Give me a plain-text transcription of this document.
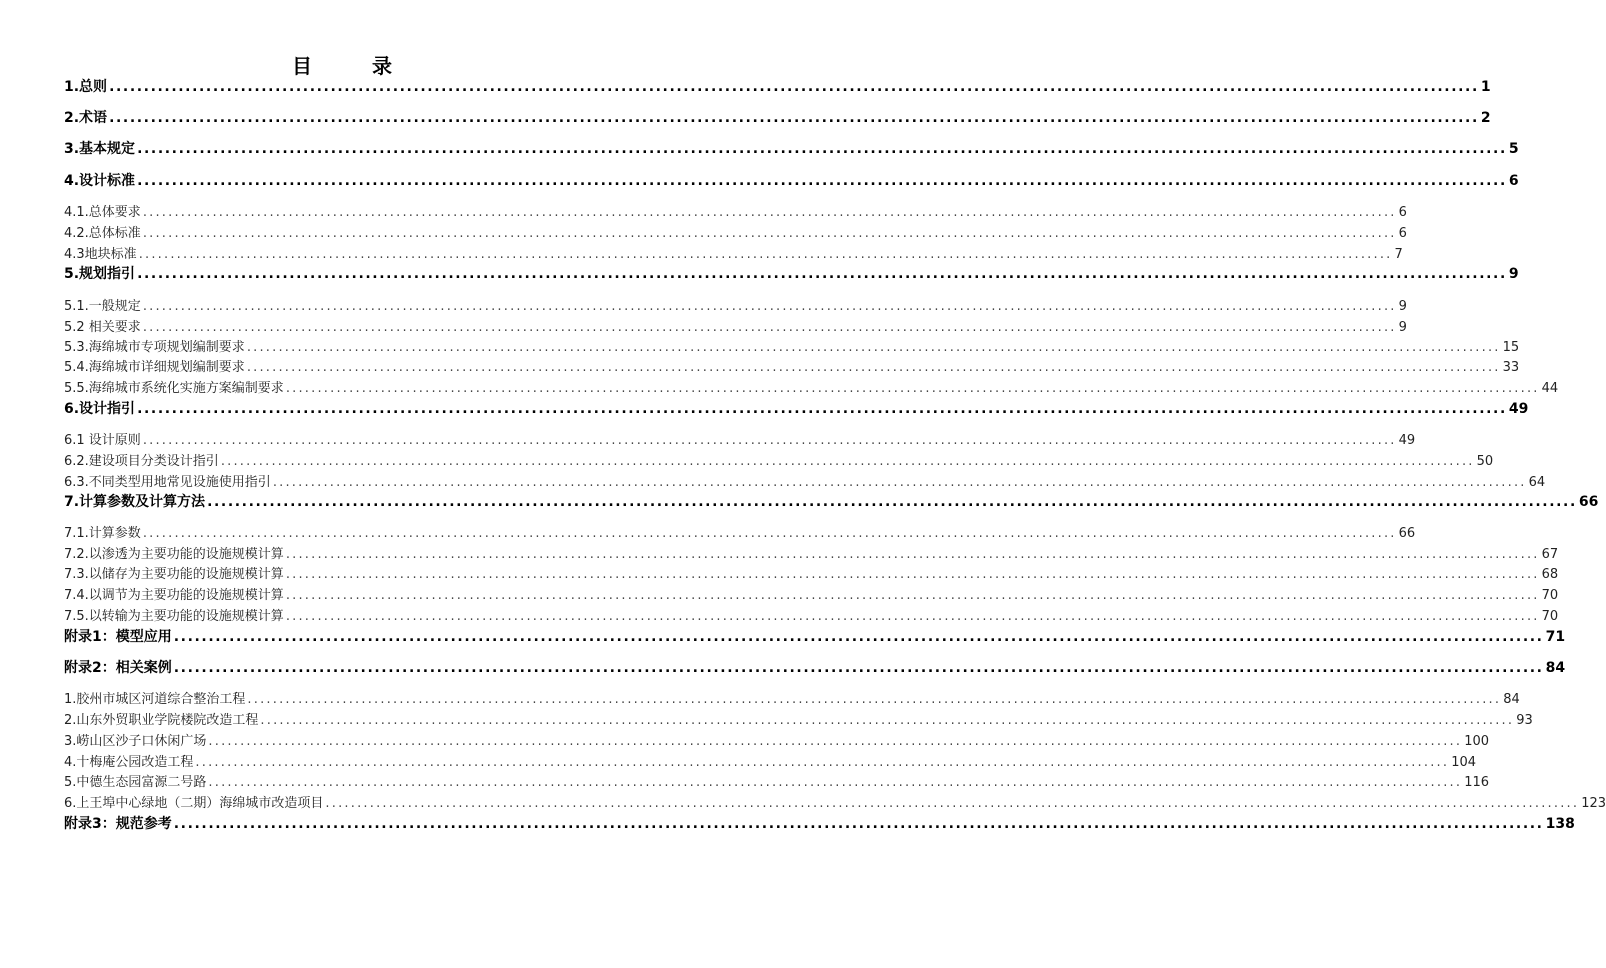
目　录
1.总则 ...................................................................................................................................................................................................... 1
2.术语 ...................................................................................................................................................................................................... 2
3.基本规定 ...................................................................................................................................................................................................... 5
4.设计标准 ...................................................................................................................................................................................................... 6
4.1.总体要求 ...................................................................................................................................................................................................... 6
4.2.总体标准 ...................................................................................................................................................................................................... 6
4.3地块标准 ...................................................................................................................................................................................................... 7
5.规划指引 ...................................................................................................................................................................................................... 9
5.1.一般规定 ...................................................................................................................................................................................................... 9
5.2 相关要求 ...................................................................................................................................................................................................... 9
5.3.海绵城市专项规划编制要求 ...................................................................................................................................................................................................... 15
5.4.海绵城市详细规划编制要求 ...................................................................................................................................................................................................... 33
5.5.海绵城市系统化实施方案编制要求 ...................................................................................................................................................................................................... 44
6.设计指引 ...................................................................................................................................................................................................... 49
6.1 设计原则 ...................................................................................................................................................................................................... 49
6.2.建设项目分类设计指引 ...................................................................................................................................................................................................... 50
6.3.不同类型用地常见设施使用指引 ...................................................................................................................................................................................................... 64
7.计算参数及计算方法 ...................................................................................................................................................................................................... 66
7.1.计算参数 ...................................................................................................................................................................................................... 66
7.2.以渗透为主要功能的设施规模计算 ...................................................................................................................................................................................................... 67
7.3.以储存为主要功能的设施规模计算 ...................................................................................................................................................................................................... 68
7.4.以调节为主要功能的设施规模计算 ...................................................................................................................................................................................................... 70
7.5.以转输为主要功能的设施规模计算 ...................................................................................................................................................................................................... 70
附录1：模型应用 ...................................................................................................................................................................................................... 71
附录2：相关案例 ...................................................................................................................................................................................................... 84
1.胶州市城区河道综合整治工程 ...................................................................................................................................................................................................... 84
2.山东外贸职业学院楼院改造工程 ...................................................................................................................................................................................................... 93
3.崂山区沙子口休闲广场 ...................................................................................................................................................................................................... 100
4.十梅庵公园改造工程 ...................................................................................................................................................................................................... 104
5.中德生态园富源二号路 ...................................................................................................................................................................................................... 116
6.上王埠中心绿地（二期）海绵城市改造项目 ...................................................................................................................................................................................................... 123
附录3：规范参考 ...................................................................................................................................................................................................... 138
